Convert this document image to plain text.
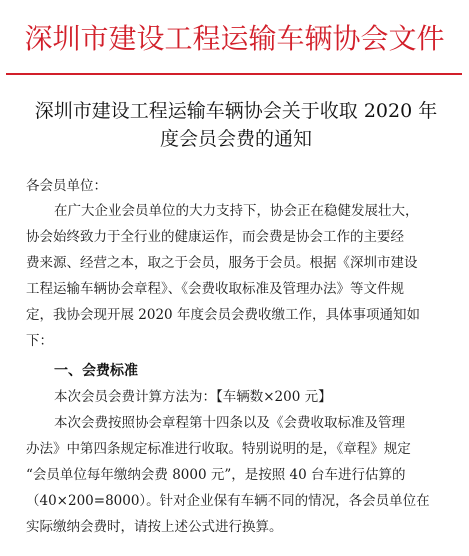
深圳市建设工程运输车辆协会文件
深圳市建设工程运输车辆协会关于收取 2020 年
度会员会费的通知
各会员单位：
在广大企业会员单位的大力支持下，协会正在稳健发展壮大，
协会始终致力于全行业的健康运作，而会费是协会工作的主要经
费来源、经营之本，取之于会员，服务于会员。根据《深圳市建设
工程运输车辆协会章程》、《会费收取标准及管理办法》等文件规
定，我协会现开展 2020 年度会员会费收缴工作，具体事项通知如
下：
一、会费标准
本次会员会费计算方法为：【车辆数×200 元】
本次会费按照协会章程第十四条以及《会费收取标准及管理
办法》中第四条规定标准进行收取。特别说明的是，《章程》规定
“会员单位每年缴纳会费 8000 元”，是按照 40 台车进行估算的
（40×200=8000）。针对企业保有车辆不同的情况，各会员单位在
实际缴纳会费时，请按上述公式进行换算。
